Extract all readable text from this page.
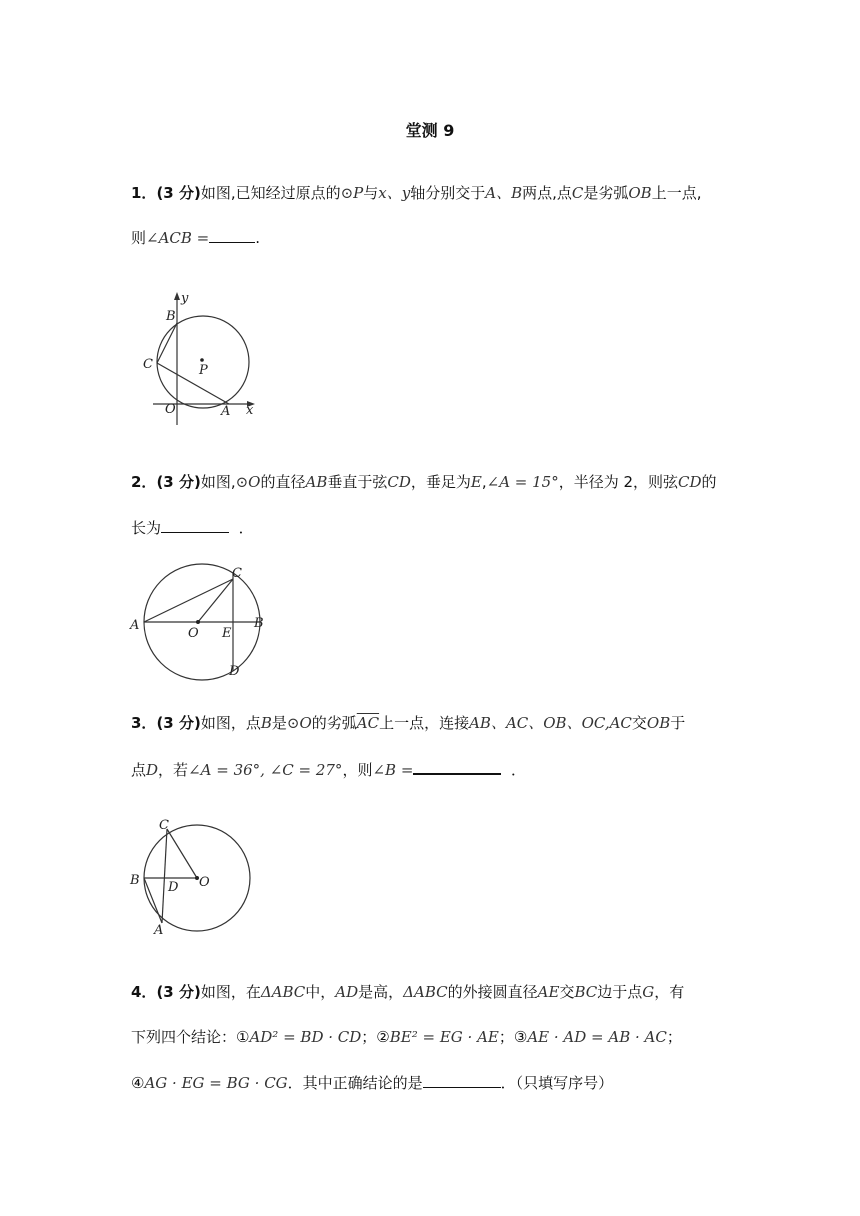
堂测 9
1．(3 分)如图,已知经过原点的⊙P与x、y轴分别交于A、B两点,点C是劣弧OB上一点,
则∠ACB =	.
y
B
C	P
O	A x
2．(3 分)如图,⊙O的直径AB垂直于弦CD，垂足为E,∠A = 15°，半径为 2，则弦CD的
长为	．
C
A
O E
B
D
3．(3 分)如图，点B是⊙O的劣弧$\overline{AC}$上一点，连接AB、AC、OB、OC,AC交OB于
点D，若∠A = 36°, ∠C = 27°，则∠B =	．
C
B D O
A
4．(3 分)如图，在ΔABC中，AD是高，ΔABC的外接圆直径AE交BC边于点G，有
下列四个结论：①AD² = BD · CD；②BE² = EG · AE；③AE · AD = AB · AC；
④AG · EG = BG · CG．其中正确结论的是	．（只填写序号）
